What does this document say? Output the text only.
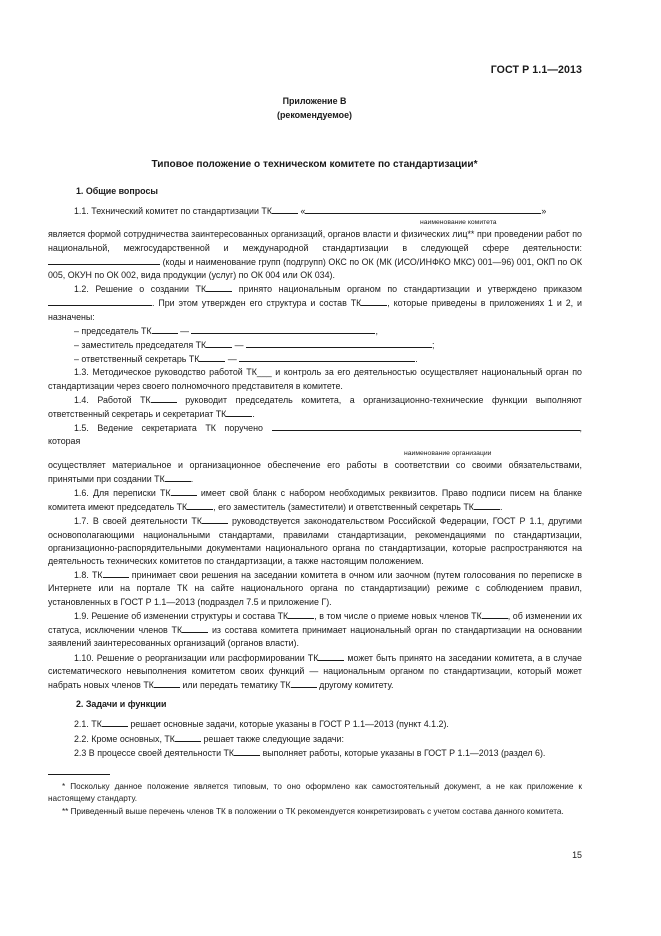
ГОСТ Р 1.1—2013
Приложение В
(рекомендуемое)
Типовое положение о техническом комитете по стандартизации*

1. Общие вопросы

1.1. Технический комитет по стандартизации ТК	«	»

наименование комитета

является формой сотрудничества заинтересованных организаций, органов власти и физических лиц** при проведении работ по национальной, межгосударственной и международной стандартизации в следующей сфере деятельности:  (коды и наименование групп (подгрупп) ОКС по ОК (МК (ИСО/ИНФКО МКС) 001—96) 001, ОКП по ОК 005, ОКУН по ОК 002, вида продукции (услуг) по ОК 004 или ОК 034).

1.2. Решение о создании ТК	принято национальным органом по стандартизации и утверждено приказом . При этом утвержден его структура и состав ТК	, которые приведены в приложениях 1 и 2, и назначены:

– председатель ТК	—	,

– заместитель председателя ТК	—	;

– ответственный секретарь ТК	—	.

1.3. Методическое руководство работой ТК___ и контроль за его деятельностью осуществляет национальный орган по стандартизации через своего полномочного представителя в комитете.

1.4. Работой ТК	руководит председатель комитета, а организационно-технические функции выполняют ответственный секретарь и секретариат ТК	.

1.5. Ведение секретариата ТК поручено	, которая

наименование организации

осуществляет материальное и организационное обеспечение его работы в соответствии со своими обязательствами, принятыми при создании ТК	.

1.6. Для переписки ТК	имеет свой бланк с набором необходимых реквизитов. Право подписи писем на бланке комитета имеют председатель ТК	, его заместитель (заместители) и ответственный секретарь ТК	.

1.7. В своей деятельности ТК	руководствуется законодательством Российской Федерации, ГОСТ Р 1.1, другими основополагающими национальными стандартами, правилами стандартизации, рекомендациями по стандартизации, организационно-распорядительными документами национального органа по стандартизации, которые распространяются на деятельность технических комитетов по стандартизации, а также настоящим положением.

1.8. ТК	принимает свои решения на заседании комитета в очном или заочном (путем голосования по переписке в Интернете или на портале ТК на сайте национального органа по стандартизации) режиме с соблюдением правил, установленных в ГОСТ Р 1.1—2013 (подраздел 7.5 и приложение Г).

1.9. Решение об изменении структуры и состава ТК	, в том числе о приеме новых членов ТК	, об изменении их статуса, исключении членов ТК	из состава комитета принимает национальный орган по стандартизации на основании заявлений заинтересованных организаций (органов власти).

1.10. Решение о реорганизации или расформировании ТК	может быть принято на заседании комитета, а в случае систематического невыполнения комитетом своих функций — национальным органом по стандартизации, который может набрать новых членов ТК	или передать тематику ТК	другому комитету.

2. Задачи и функции

2.1. ТК	решает основные задачи, которые указаны в ГОСТ Р 1.1—2013 (пункт 4.1.2).

2.2. Кроме основных, ТК	решает также следующие задачи:

2.3 В процессе своей деятельности ТК	выполняет работы, которые указаны в ГОСТ Р 1.1—2013 (раздел 6).

* Поскольку данное положение является типовым, то оно оформлено как самостоятельный документ, а не как приложение к настоящему стандарту.

** Приведенный выше перечень членов ТК в положении о ТК рекомендуется конкретизировать с учетом состава данного комитета.

15
